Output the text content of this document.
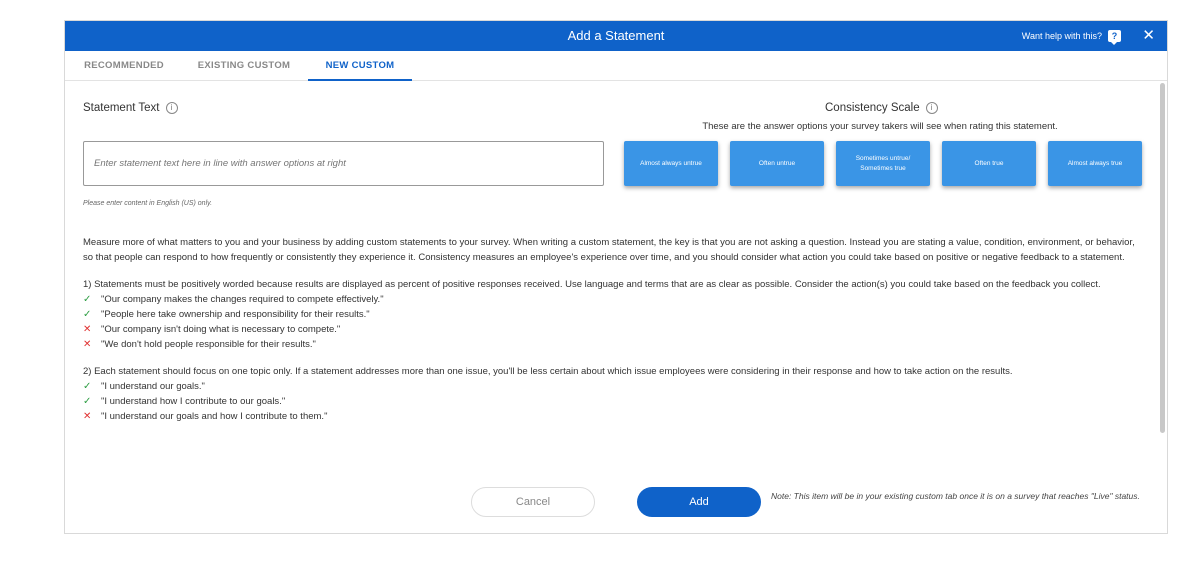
Add a Statement	Want help with this?	? ✕
RECOMMENDED	EXISTING CUSTOM	NEW CUSTOM
Statement Text	i
Enter statement text here in line with answer options at right
Please enter content in English (US) only.
Consistency Scale	i
These are the answer options your survey takers will see when rating this statement.
Almost always untrue	Often untrue
Sometimes untrue/ Sometimes true
Often true	Almost always true

Measure more of what matters to you and your business by adding custom statements to your survey. When writing a custom statement, the key is that you are not asking a question. Instead you are stating a value, condition, environment, or behavior, so that people can respond to how frequently or consistently they experience it. Consistency measures an employee's experience over time, and you should consider what action you could take based on positive or negative feedback to a statement.

1) Statements must be positively worded because results are displayed as percent of positive responses received. Use language and terms that are as clear as possible. Consider the action(s) you could take based on the feedback you collect.
✓ "Our company makes the changes required to compete effectively."
✓ "People here take ownership and responsibility for their results."
✕ "Our company isn't doing what is necessary to compete."
✕ "We don't hold people responsible for their results."
2) Each statement should focus on one topic only. If a statement addresses more than one issue, you'll be less certain about which issue employees were considering in their response and how to take action on the results.
✓ "I understand our goals."
✓ "I understand how I contribute to our goals."
✕ "I understand our goals and how I contribute to them."
Cancel	Add	Note: This item will be in your existing custom tab once it is on a survey that reaches "Live" status.
